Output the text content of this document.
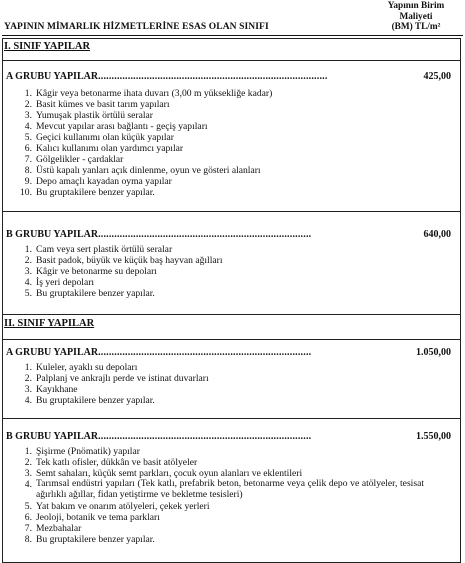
YAPININ MİMARLIK HİZMETLERİNE ESAS OLAN SINIFI
Yapının Birim
Maliyeti
(BM) TL/m²
I. SINIF YAPILAR
A GRUBU YAPILAR.....................................................................................	425,00
1. Kâgir veya betonarme ihata duvarı (3,00 m yüksekliğe kadar)
2. Basit kümes ve basit tarım yapıları
3. Yumuşak plastik örtülü seralar
4. Mevcut yapılar arası bağlantı - geçiş yapıları
5. Geçici kullanımı olan küçük yapılar
6. Kalıcı kullanımı olan yardımcı yapılar
7. Gölgelikler - çardaklar
8. Üstü kapalı yanları açık dinlenme, oyun ve gösteri alanları
9. Depo amaçlı kayadan oyma yapılar
10. Bu gruptakilere benzer yapılar.
B GRUBU YAPILAR...............................................................................	640,00
1. Cam veya sert plastik örtülü seralar
2. Basit padok, büyük ve küçük baş hayvan ağılları
3. Kâgir ve betonarme su depoları
4. İş yeri depoları
5. Bu gruptakilere benzer yapılar.
II. SINIF YAPILAR
A GRUBU YAPILAR...............................................................................	1.050,00
1. Kuleler, ayaklı su depoları
2. Palplanj ve ankrajlı perde ve istinat duvarları
3. Kayıkhane
4. Bu gruptakilere benzer yapılar.
B GRUBU YAPILAR...............................................................................	1.550,00
1. Şişirme (Pnömatik) yapılar
2. Tek katlı ofisler, dükkân ve basit atölyeler
3. Semt sahaları, küçük semt parkları, çocuk oyun alanları ve eklentileri
4. Tarımsal endüstri yapıları (Tek katlı, prefabrik beton, betonarme veya çelik depo ve atölyeler, tesisat ağırlıklı ağıllar, fidan yetiştirme ve bekletme tesisleri)
5. Yat bakım ve onarım atölyeleri, çekek yerleri
6. Jeoloji, botanik ve tema parkları
7. Mezbahalar
8. Bu gruptakilere benzer yapılar.
